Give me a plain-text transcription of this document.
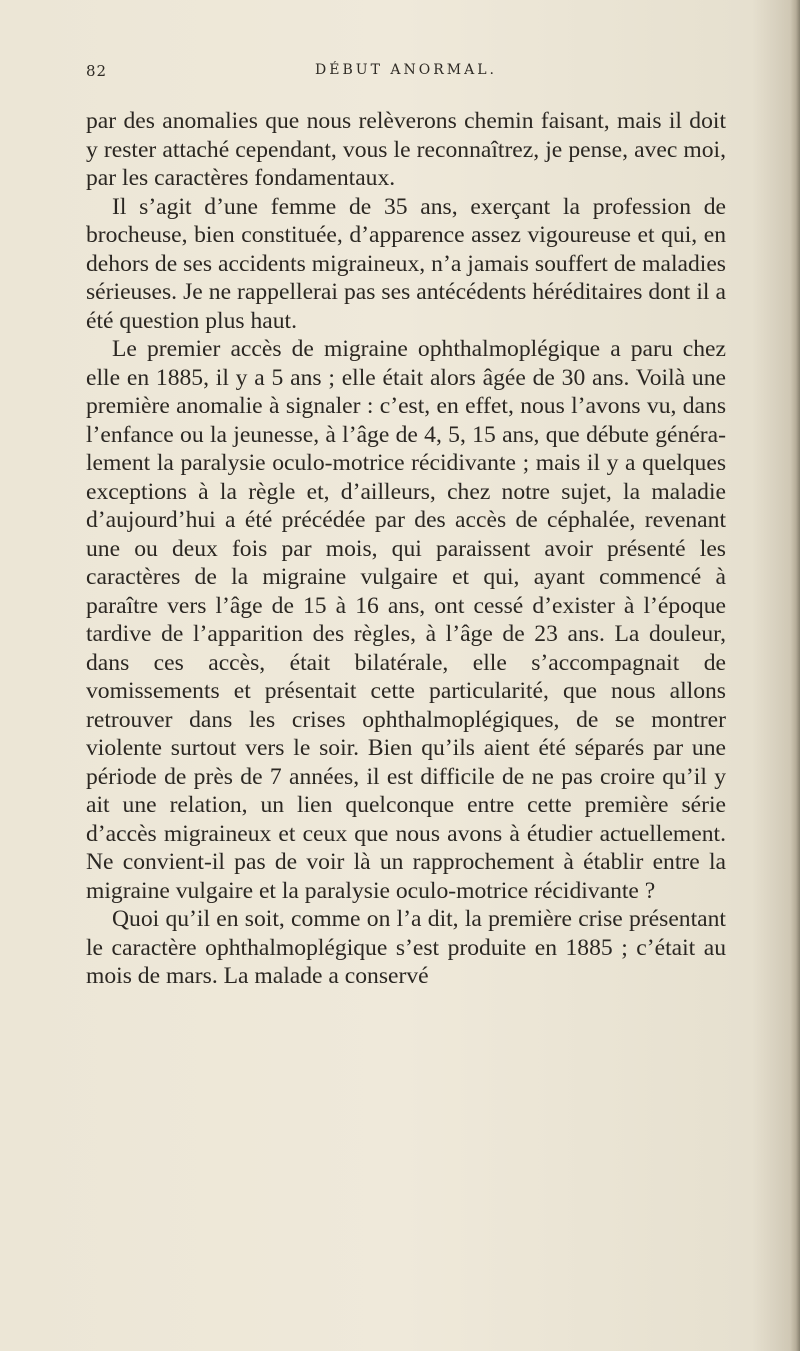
82	DÉBUT ANORMAL.

par des anomalies que nous relèverons chemin faisant, mais il doit y rester attaché cependant, vous le reconnaîtrez, je pense, avec moi, par les caractères fondamentaux.

Il s’agit d’une femme de 35 ans, exerçant la profession de brocheuse, bien constituée, d’apparence assez vigoureuse et qui, en dehors de ses accidents migraineux, n’a jamais souffert de maladies sérieuses. Je ne rappellerai pas ses antécédents héréditaires dont il a été question plus haut.

Le premier accès de migraine ophthalmoplégique a paru chez elle en 1885, il y a 5 ans ; elle était alors âgée de 30 ans. Voilà une première anomalie à signaler : c’est, en effet, nous l’avons vu, dans l’enfance ou la jeunesse, à l’âge de 4, 5, 15 ans, que débute généralement la paralysie oculo-motrice récidivante ; mais il y a quelques exceptions à la règle et, d’ailleurs, chez notre sujet, la maladie d’aujourd’hui a été précédée par des accès de céphalée, revenant une ou deux fois par mois, qui paraissent avoir présenté les caractères de la migraine vulgaire et qui, ayant commencé à paraître vers l’âge de 15 à 16 ans, ont cessé d’exister à l’époque tardive de l’apparition des règles, à l’âge de 23 ans. La douleur, dans ces accès, était bilatérale, elle s’accompagnait de vomissements et présentait cette particularité, que nous allons retrouver dans les crises ophthalmoplégiques, de se montrer violente surtout vers le soir. Bien qu’ils aient été séparés par une période de près de 7 années, il est difficile de ne pas croire qu’il y ait une relation, un lien quelconque entre cette première série d’accès migraineux et ceux que nous avons à étudier actuellement. Ne convient-il pas de voir là un rapprochement à établir entre la migraine vulgaire et la paralysie oculo-motrice récidivante ?

Quoi qu’il en soit, comme on l’a dit, la première crise présentant le caractère ophthalmoplégique s’est produite en 1885 ; c’était au mois de mars. La malade a conservé
